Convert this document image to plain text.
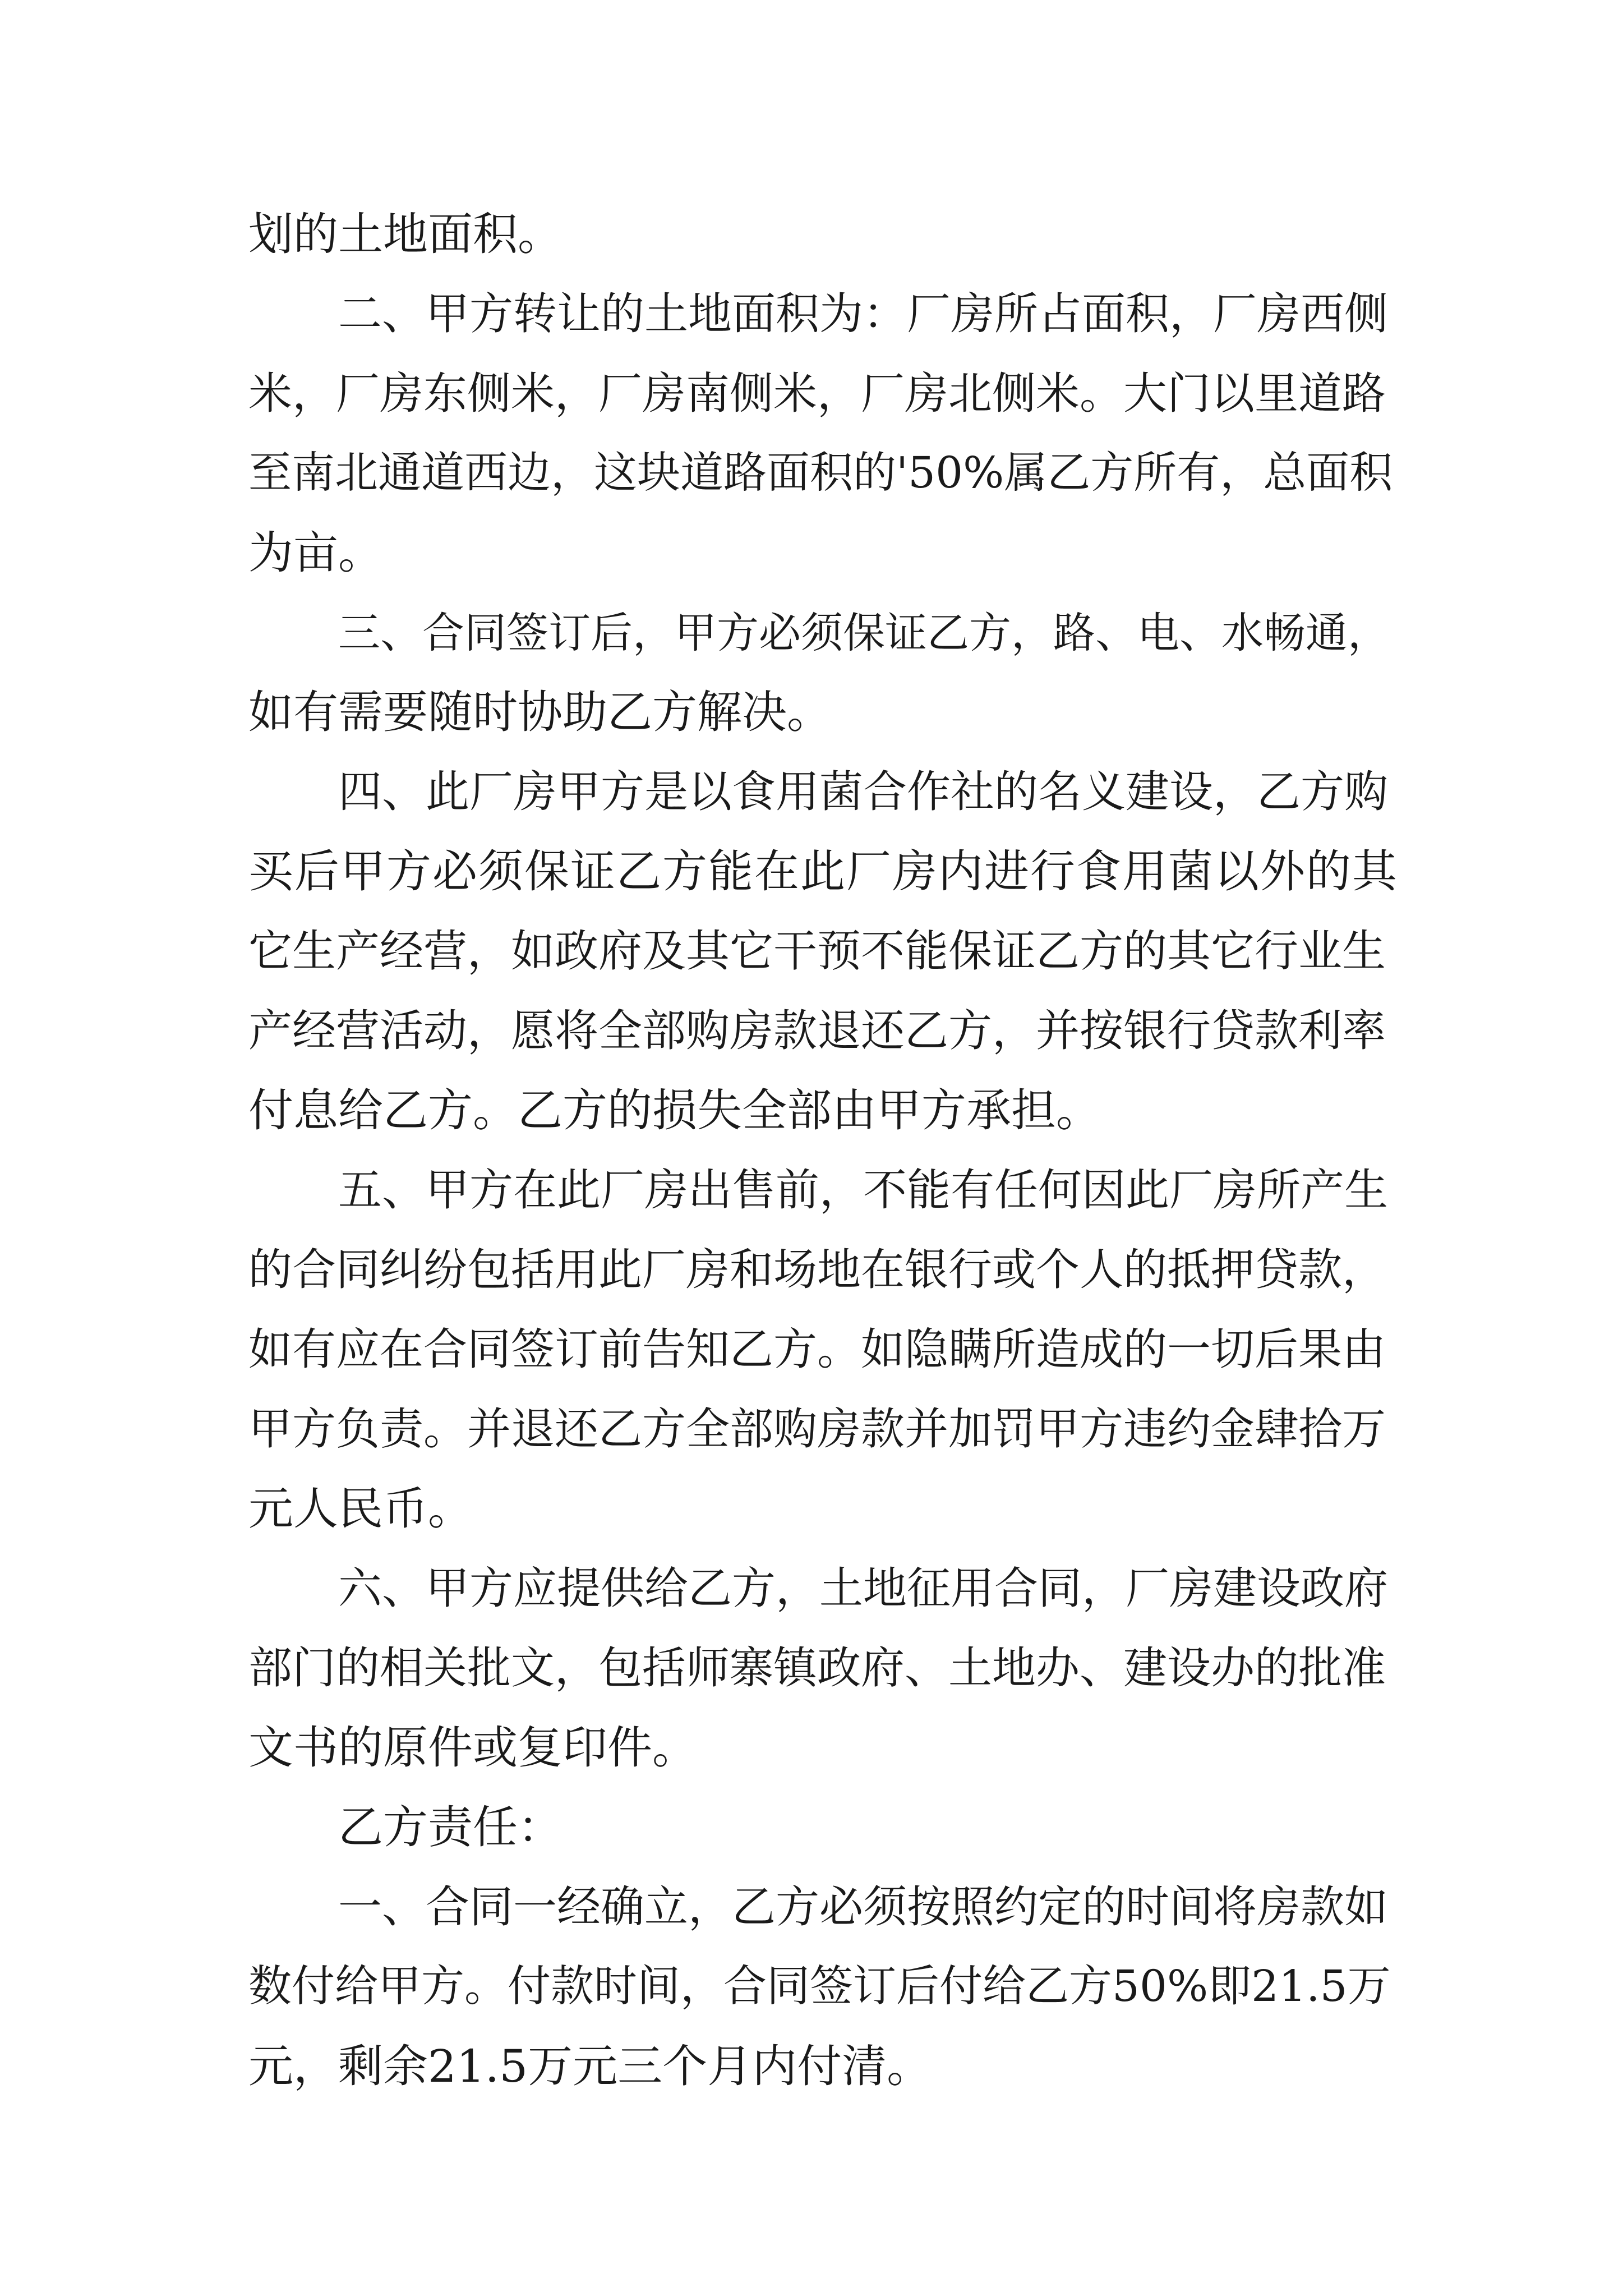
划的土地面积。

二、甲方转让的土地面积为：厂房所占面积，厂房西侧

米，厂房东侧米，厂房南侧米，厂房北侧米。大门以里道路

至南北通道西边，这块道路面积的'50%属乙方所有，总面积

为亩。

三、合同签订后，甲方必须保证乙方，路、电、水畅通，

如有需要随时协助乙方解决。

四、此厂房甲方是以食用菌合作社的名义建设，乙方购

买后甲方必须保证乙方能在此厂房内进行食用菌以外的其

它生产经营，如政府及其它干预不能保证乙方的其它行业生

产经营活动，愿将全部购房款退还乙方，并按银行贷款利率

付息给乙方。乙方的损失全部由甲方承担。

五、甲方在此厂房出售前，不能有任何因此厂房所产生

的合同纠纷包括用此厂房和场地在银行或个人的抵押贷款，

如有应在合同签订前告知乙方。如隐瞒所造成的一切后果由

甲方负责。并退还乙方全部购房款并加罚甲方违约金肆拾万

元人民币。

六、甲方应提供给乙方，土地征用合同，厂房建设政府

部门的相关批文，包括师寨镇政府、土地办、建设办的批准

文书的原件或复印件。

乙方责任：

一、合同一经确立，乙方必须按照约定的时间将房款如

数付给甲方。付款时间，合同签订后付给乙方50%即21.5万

元，剩余21.5万元三个月内付清。
